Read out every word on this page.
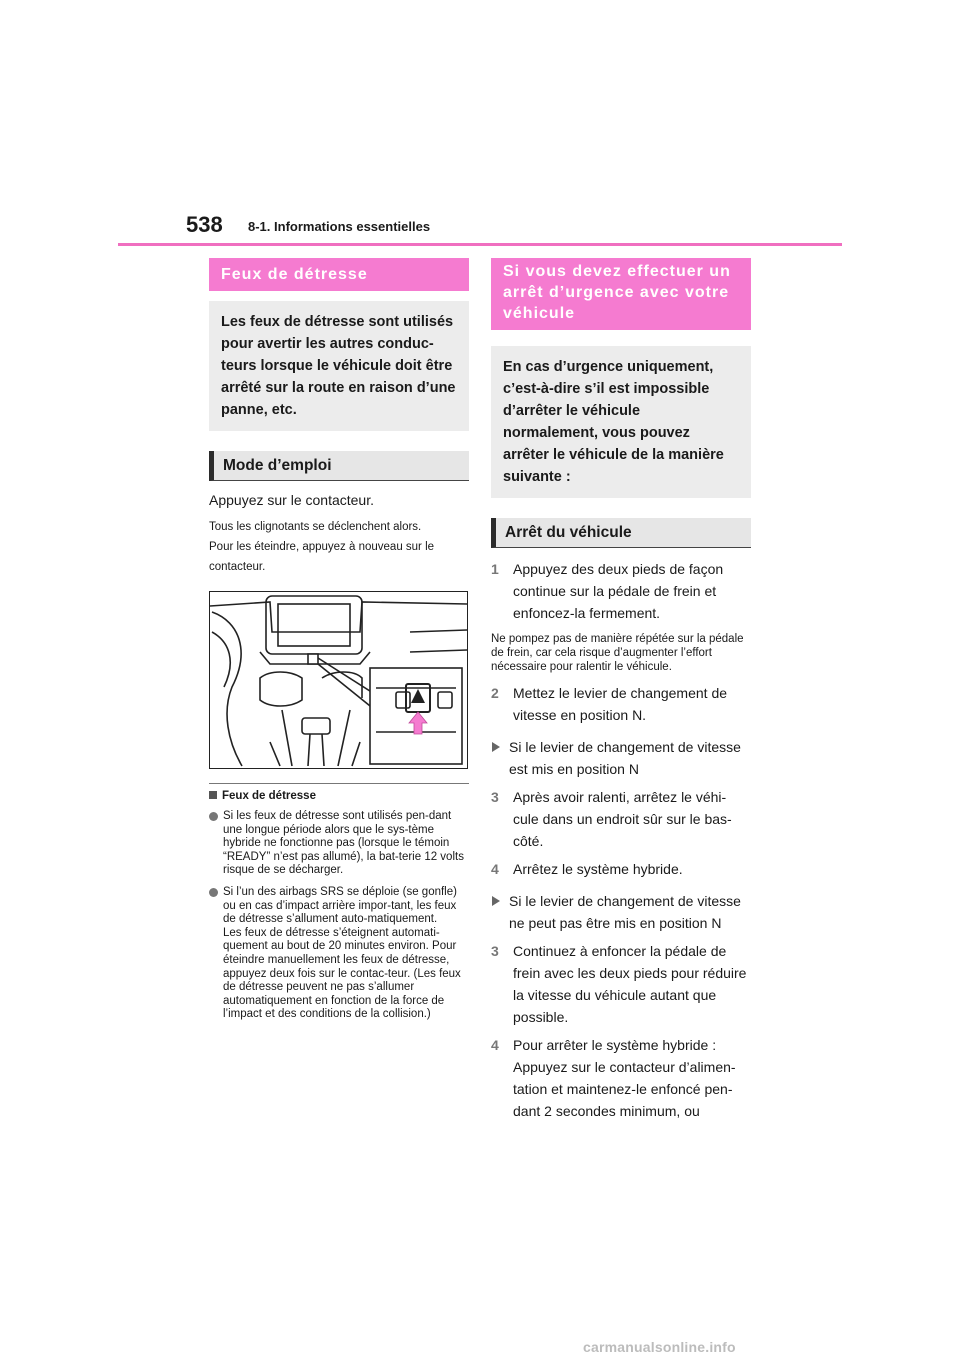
538 8-1. Informations essentielles
Feux de détresse
Les feux de détresse sont utilisés pour avertir les autres conduc-teurs lorsque le véhicule doit être arrêté sur la route en raison d’une panne, etc.
Mode d’emploi
Appuyez sur le contacteur.
Tous les clignotants se déclenchent alors.
Pour les éteindre, appuyez à nouveau sur le contacteur.
Feux de détresse
Si les feux de détresse sont utilisés pen-dant une longue période alors que le sys-tème hybride ne fonctionne pas (lorsque le témoin “READY” n’est pas allumé), la bat-terie 12 volts risque de se décharger.
Si l’un des airbags SRS se déploie (se gonfle) ou en cas d’impact arrière impor-tant, les feux de détresse s’allument auto-matiquement.
Les feux de détresse s’éteignent automati-quement au bout de 20 minutes environ. Pour éteindre manuellement les feux de détresse, appuyez deux fois sur le contac-teur. (Les feux de détresse peuvent ne pas s’allumer automatiquement en fonction de la force de l’impact et des conditions de la collision.)
Si vous devez effectuer un arrêt d’urgence avec votre véhicule
En cas d’urgence uniquement, c’est-à-dire s’il est impossible d’arrêter le véhicule normalement, vous pouvez arrêter le véhicule de la manière suivante :
Arrêt du véhicule
1 Appuyez des deux pieds de façon continue sur la pédale de frein et enfoncez-la fermement.
Ne pompez pas de manière répétée sur la pédale de frein, car cela risque d’augmenter l’effort nécessaire pour ralentir le véhicule.
2 Mettez le levier de changement de vitesse en position N.
Si le levier de changement de vitesse est mis en position N
3 Après avoir ralenti, arrêtez le véhi-cule dans un endroit sûr sur le bas-côté.
4 Arrêtez le système hybride.
Si le levier de changement de vitesse ne peut pas être mis en position N
3 Continuez à enfoncer la pédale de frein avec les deux pieds pour réduire la vitesse du véhicule autant que possible.
4 Pour arrêter le système hybride : Appuyez sur le contacteur d’alimen-tation et maintenez-le enfoncé pen-dant 2 secondes minimum, ou
carmanualsonline.info
